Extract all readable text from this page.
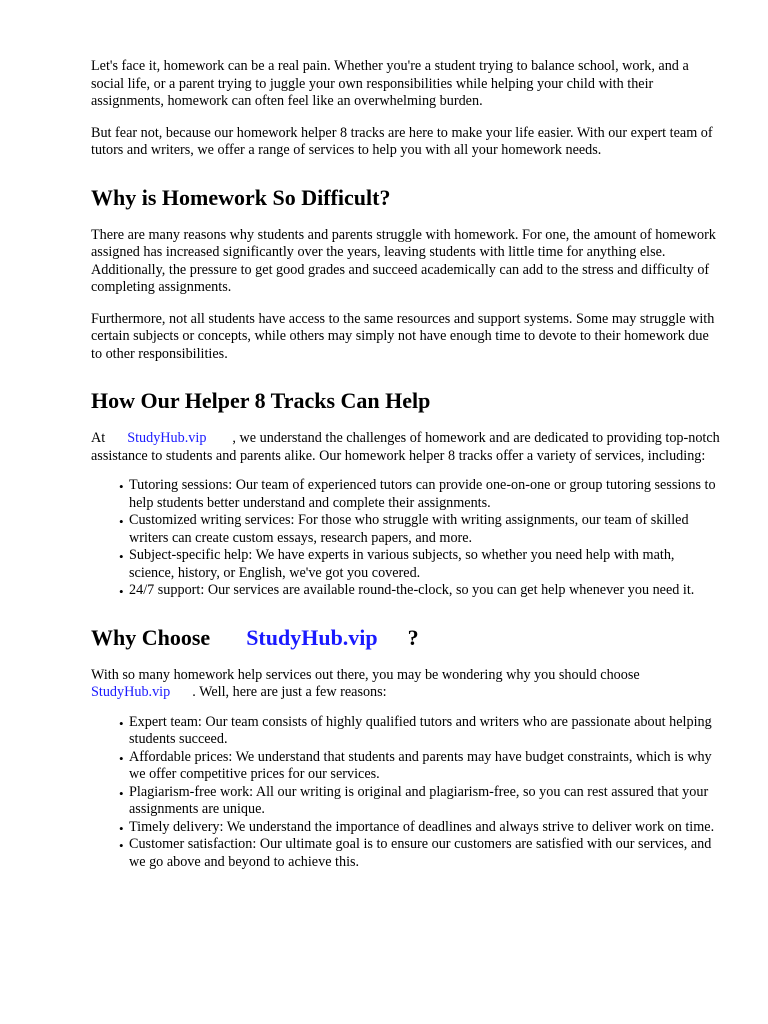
Let's face it, homework can be a real pain. Whether you're a student trying to balance school, work, and a social life, or a parent trying to juggle your own responsibilities while helping your child with their assignments, homework can often feel like an overwhelming burden.

But fear not, because our homework helper 8 tracks are here to make your life easier. With our expert team of tutors and writers, we offer a range of services to help you with all your homework needs.

Why is Homework So Difficult?

There are many reasons why students and parents struggle with homework. For one, the amount of homework assigned has increased significantly over the years, leaving students with little time for anything else. Additionally, the pressure to get good grades and succeed academically can add to the stress and difficulty of completing assignments.

Furthermore, not all students have access to the same resources and support systems. Some may struggle with certain subjects or concepts, while others may simply not have enough time to devote to their homework due to other responsibilities.

How Our Helper 8 Tracks Can Help

At StudyHub.vip , we understand the challenges of homework and are dedicated to providing top-notch assistance to students and parents alike. Our homework helper 8 tracks offer a variety of services, including:

• Tutoring sessions: Our team of experienced tutors can provide one-on-one or group tutoring sessions to help students better understand and complete their assignments.
• Customized writing services: For those who struggle with writing assignments, our team of skilled writers can create custom essays, research papers, and more.
• Subject-specific help: We have experts in various subjects, so whether you need help with math, science, history, or English, we've got you covered.
• 24/7 support: Our services are available round-the-clock, so you can get help whenever you need it.
Why Choose StudyHub.vip ?

With so many homework help services out there, you may be wondering why you should choose StudyHub.vip . Well, here are just a few reasons:

• Expert team: Our team consists of highly qualified tutors and writers who are passionate about helping students succeed.
• Affordable prices: We understand that students and parents may have budget constraints, which is why we offer competitive prices for our services.
• Plagiarism-free work: All our writing is original and plagiarism-free, so you can rest assured that your assignments are unique.
• Timely delivery: We understand the importance of deadlines and always strive to deliver work on time.
• Customer satisfaction: Our ultimate goal is to ensure our customers are satisfied with our services, and we go above and beyond to achieve this.
